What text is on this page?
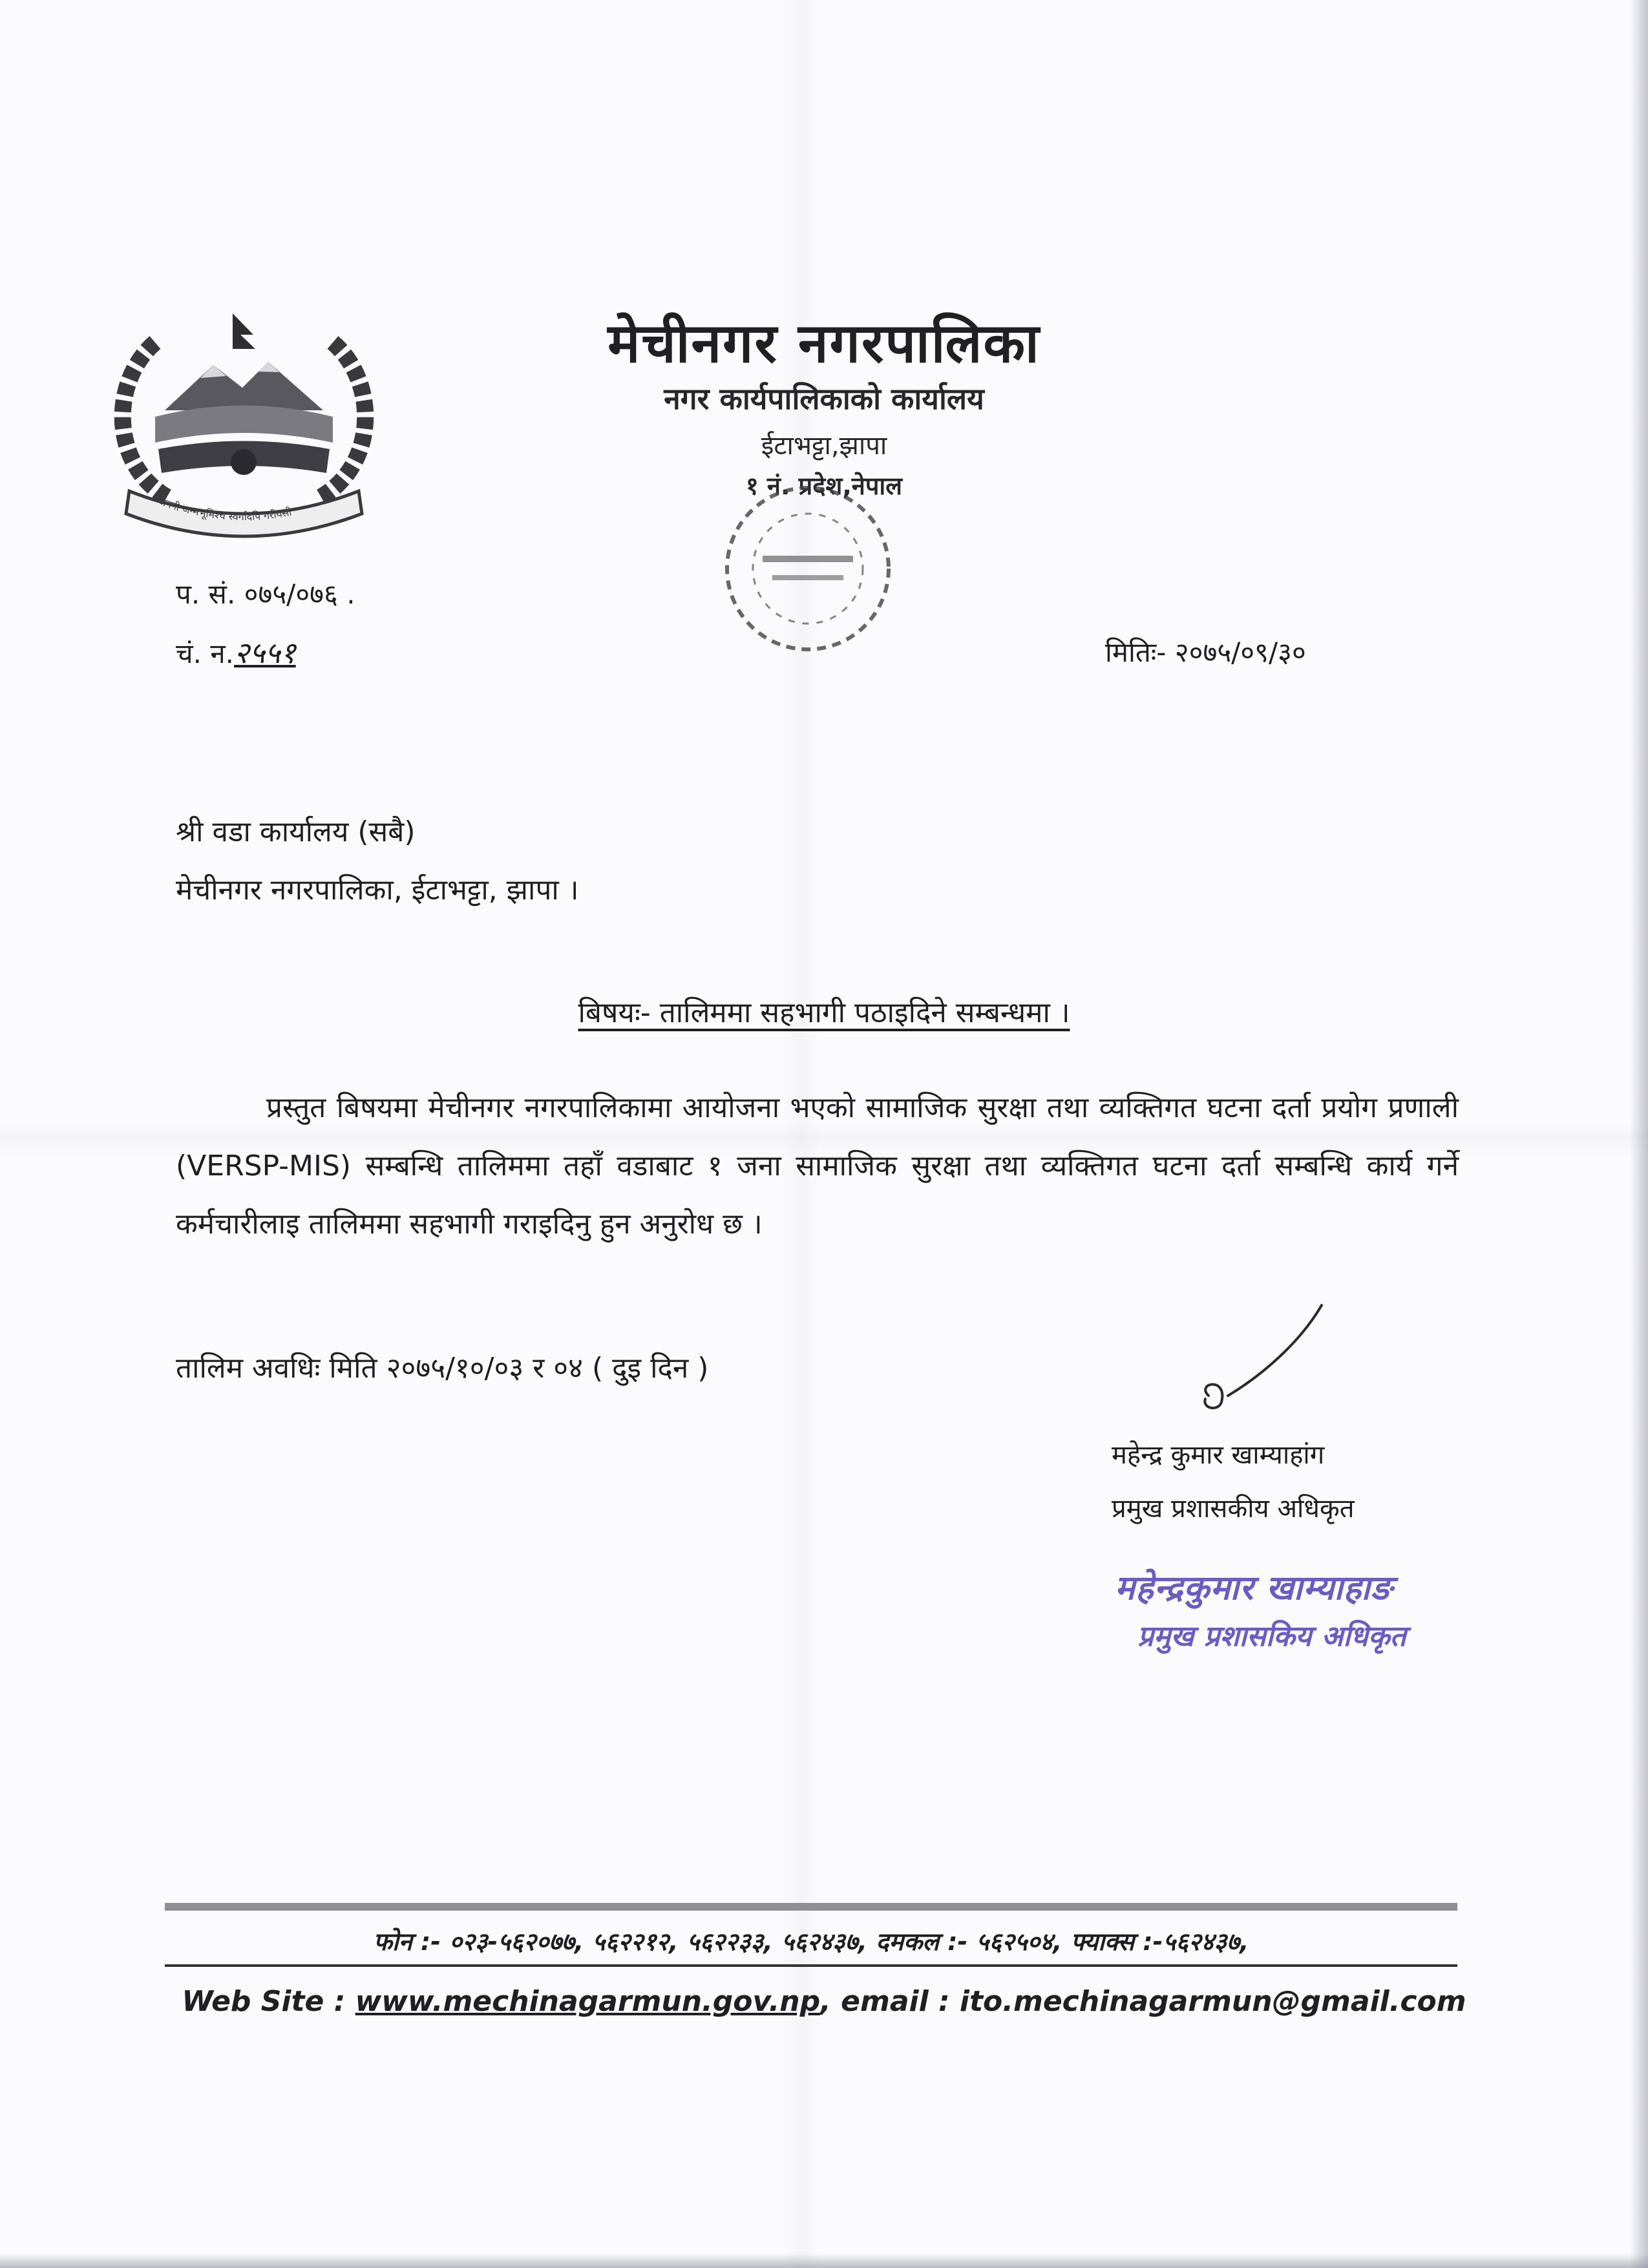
जननी जन्मभूमिश्च स्वर्गादपि गरीयसी
मेचीनगर नगरपालिका
नगर कार्यपालिकाको कार्यालय
ईटाभट्टा,झापा
१ नं. प्रदेश,नेपाल
प. सं. ०७५/०७६ .
चं. न.२५५१	मितिः- २०७५/०९/३०
श्री वडा कार्यालय (सबै)
मेचीनगर नगरपालिका, ईटाभट्टा, झापा ।
बिषयः- तालिममा सहभागी पठाइदिने सम्बन्धमा ।
प्रस्तुत बिषयमा मेचीनगर नगरपालिकामा आयोजना भएको सामाजिक सुरक्षा तथा व्यक्तिगत घटना दर्ता प्रयोग प्रणाली (VERSP-MIS) सम्बन्धि तालिममा तहाँ वडाबाट १ जना सामाजिक सुरक्षा तथा व्यक्तिगत घटना दर्ता सम्बन्धि कार्य गर्ने कर्मचारीलाइ तालिममा सहभागी गराइदिनु हुन अनुरोध छ ।
तालिम अवधिः मिति २०७५/१०/०३ र ०४ ( दुइ दिन )
महेन्द्र कुमार खाम्याहांग
प्रमुख प्रशासकीय अधिकृत
महेन्द्रकुमार खाम्याहाङ
प्रमुख प्रशासकिय अधिकृत
फोन :- ०२३-५६२०७७, ५६२२१२, ५६२२३३, ५६२४३७, दमकल :- ५६२५०४, फ्याक्स :-५६२४३७,
Web Site : www.mechinagarmun.gov.np, email : ito.mechinagarmun@gmail.com
